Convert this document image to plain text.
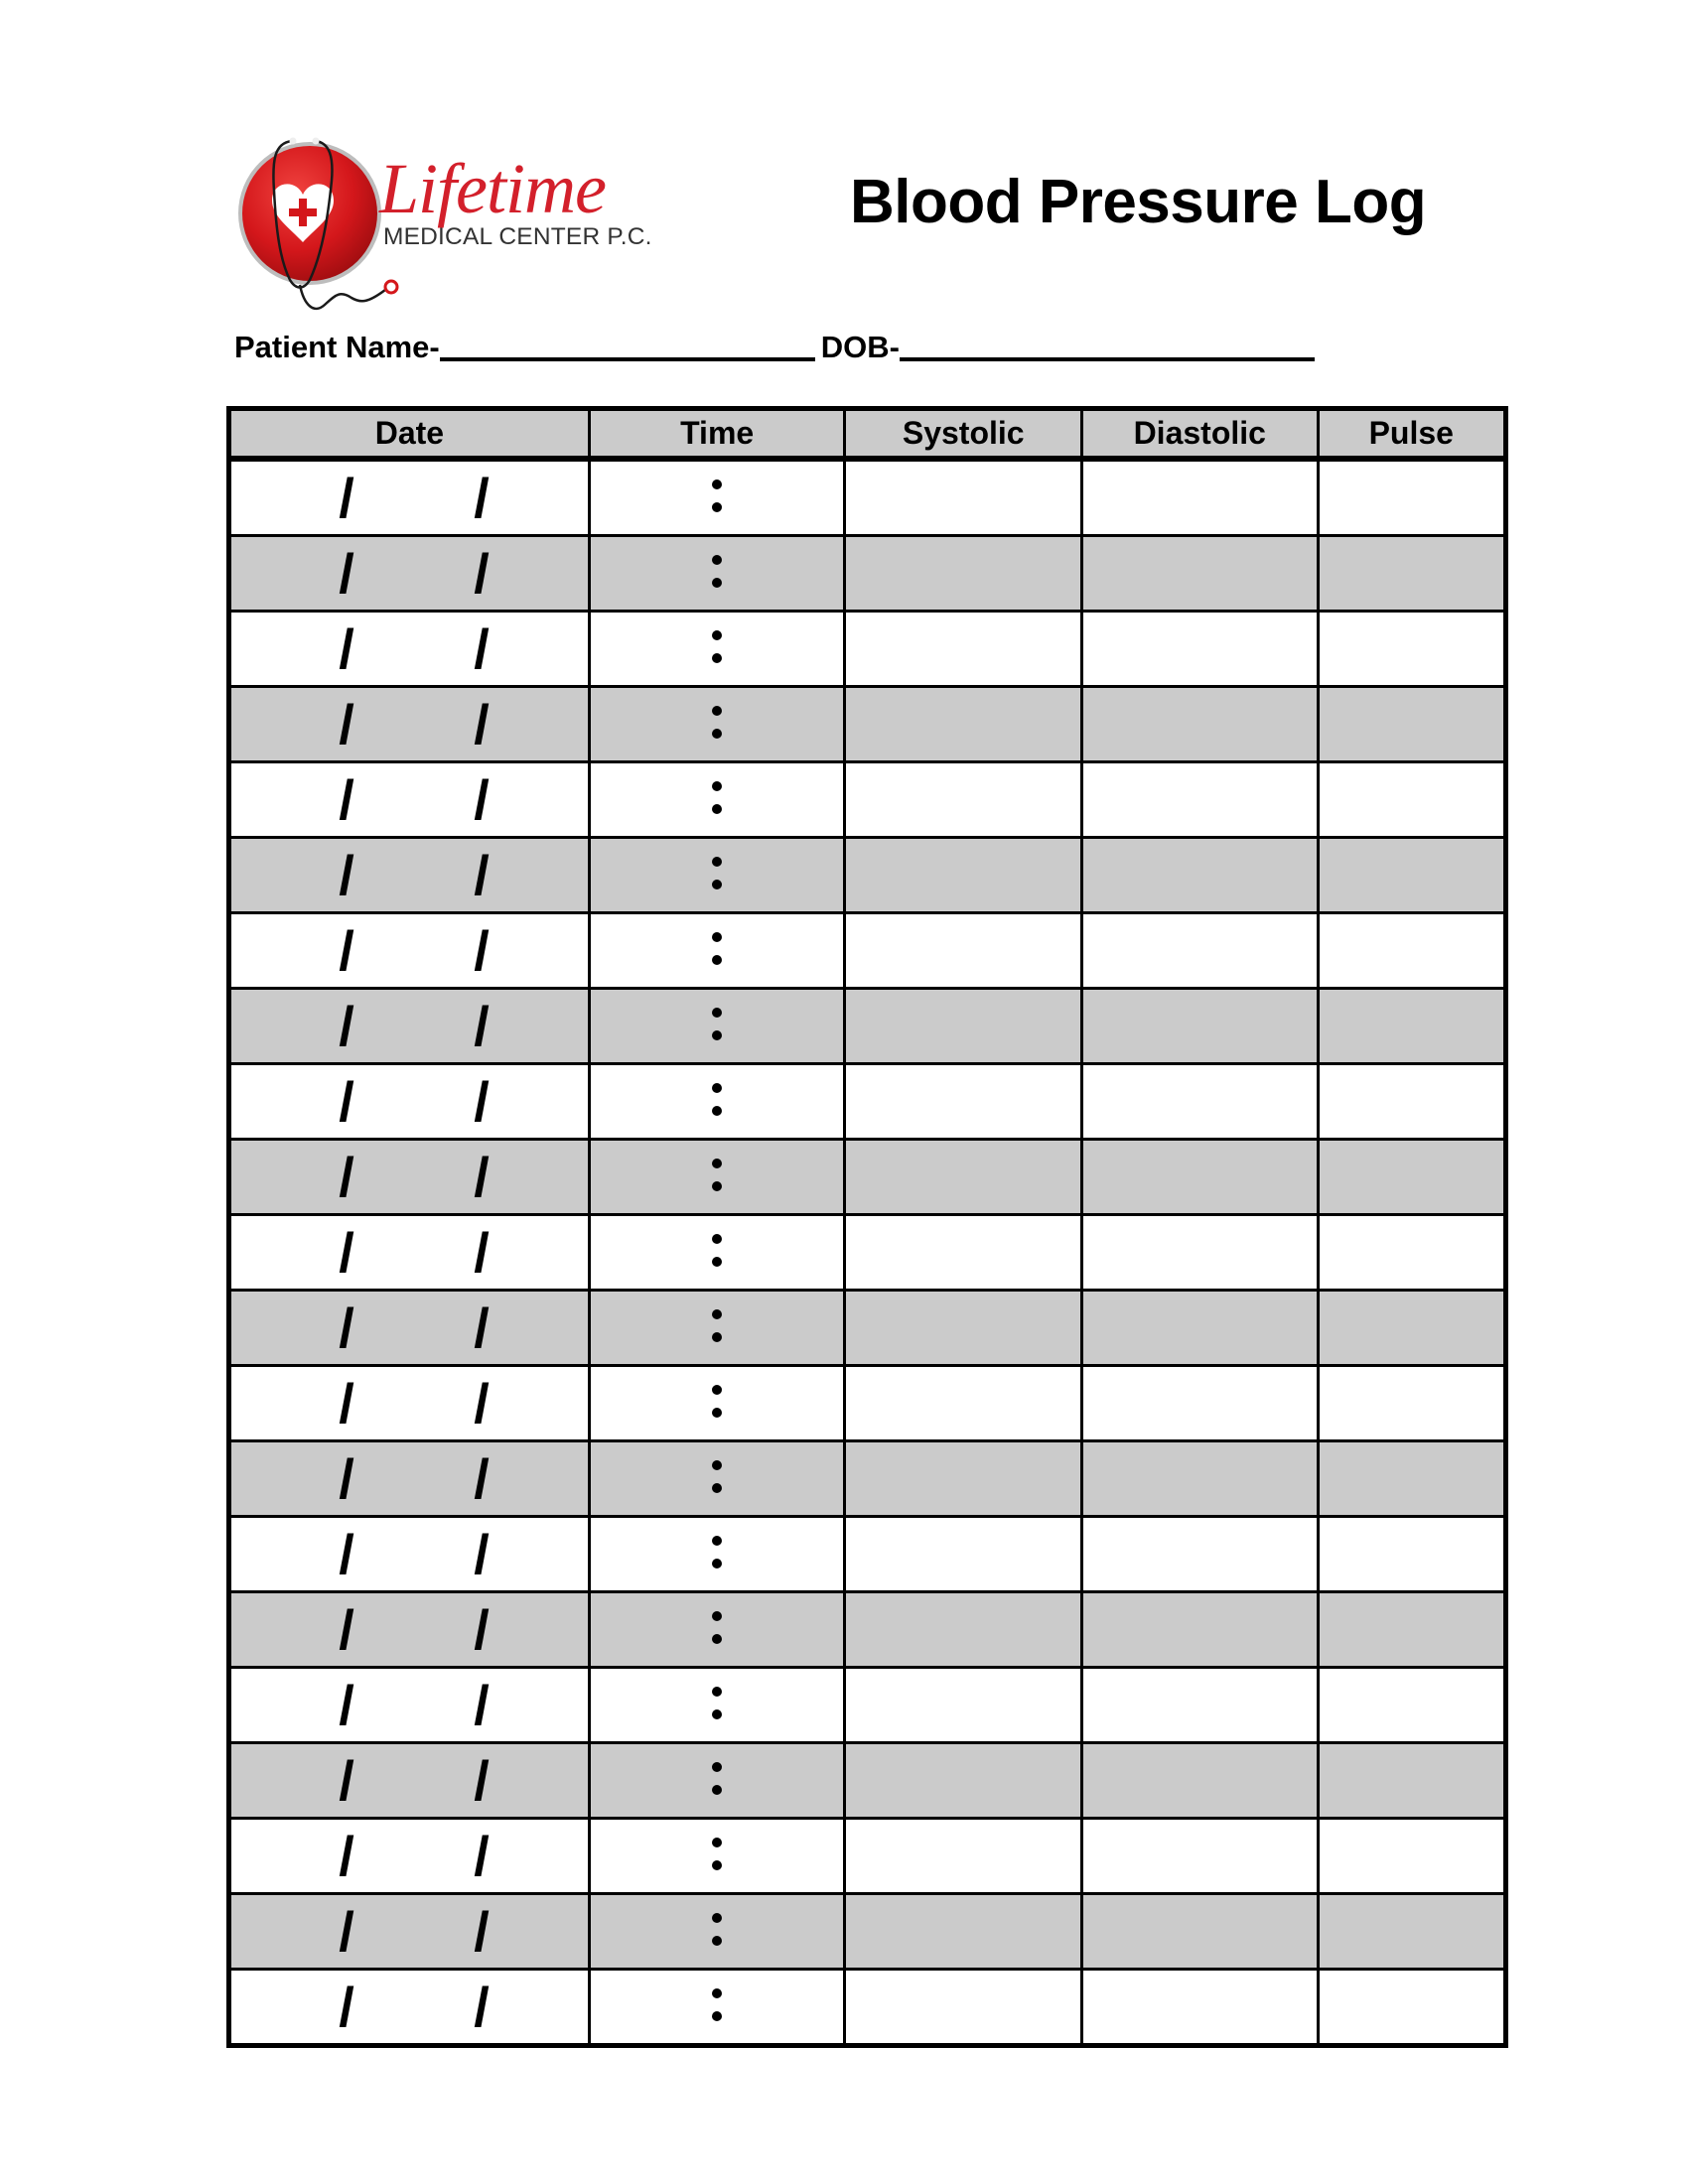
Lifetime
MEDICAL CENTER P.C.
Blood Pressure Log
Patient Name-	DOB-
Date	Time	Systolic	Diastolic	Pulse

/ /				

/ /				

/ /				

/ /				

/ /				

/ /				

/ /				

/ /				

/ /				

/ /				

/ /				

/ /				

/ /				

/ /				

/ /				

/ /				

/ /				

/ /				

/ /				

/ /				

/ /				
